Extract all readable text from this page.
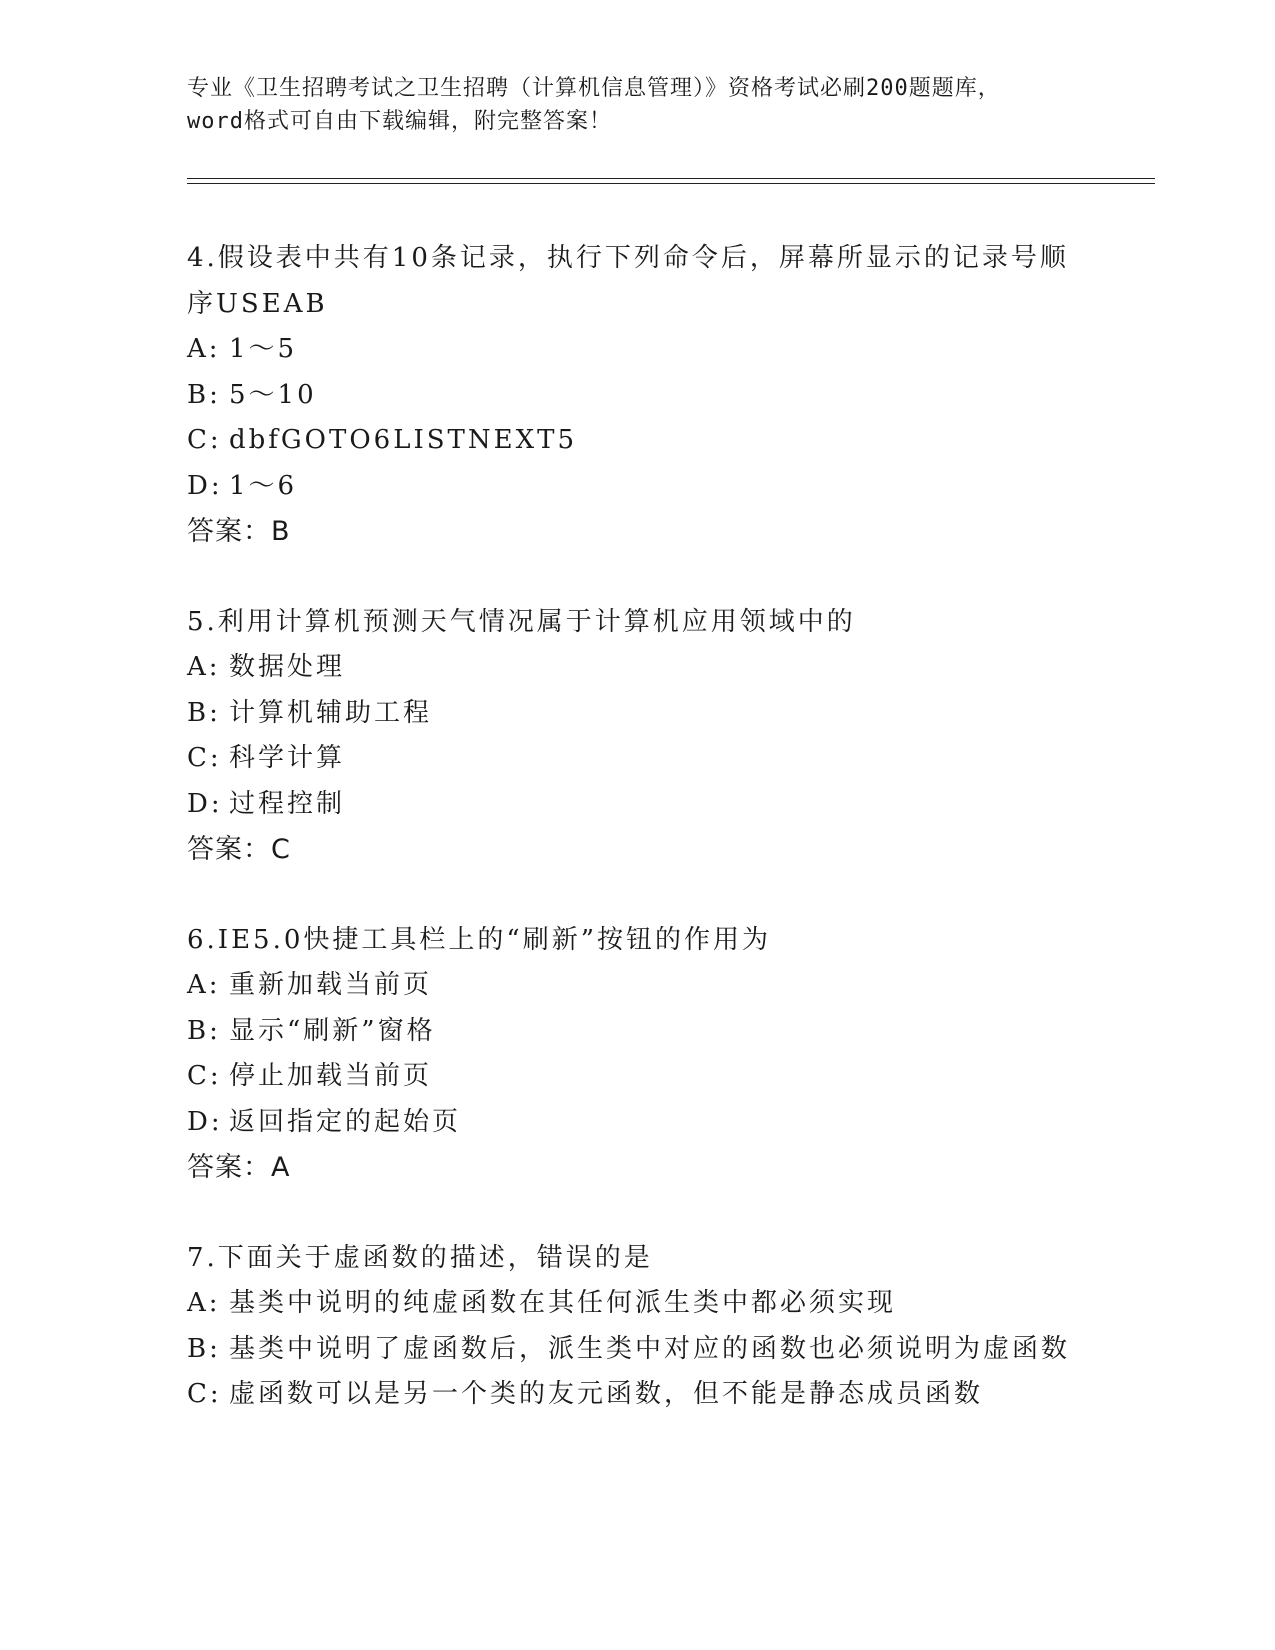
专业《卫生招聘考试之卫生招聘（计算机信息管理）》资格考试必刷200题题库，
word格式可自由下载编辑，附完整答案！
4.假设表中共有10条记录，执行下列命令后，屏幕所显示的记录号顺
序USEAB
A: 1～5
B: 5～10
C: dbfGOTO6LISTNEXT5
D: 1～6
答案：B
5.利用计算机预测天气情况属于计算机应用领域中的
A: 数据处理
B: 计算机辅助工程
C: 科学计算
D: 过程控制
答案：C
6.IE5.0快捷工具栏上的“刷新”按钮的作用为
A: 重新加载当前页
B: 显示“刷新”窗格
C: 停止加载当前页
D: 返回指定的起始页
答案：A
7.下面关于虚函数的描述，错误的是
A: 基类中说明的纯虚函数在其任何派生类中都必须实现
B: 基类中说明了虚函数后，派生类中对应的函数也必须说明为虚函数
C: 虚函数可以是另一个类的友元函数，但不能是静态成员函数
